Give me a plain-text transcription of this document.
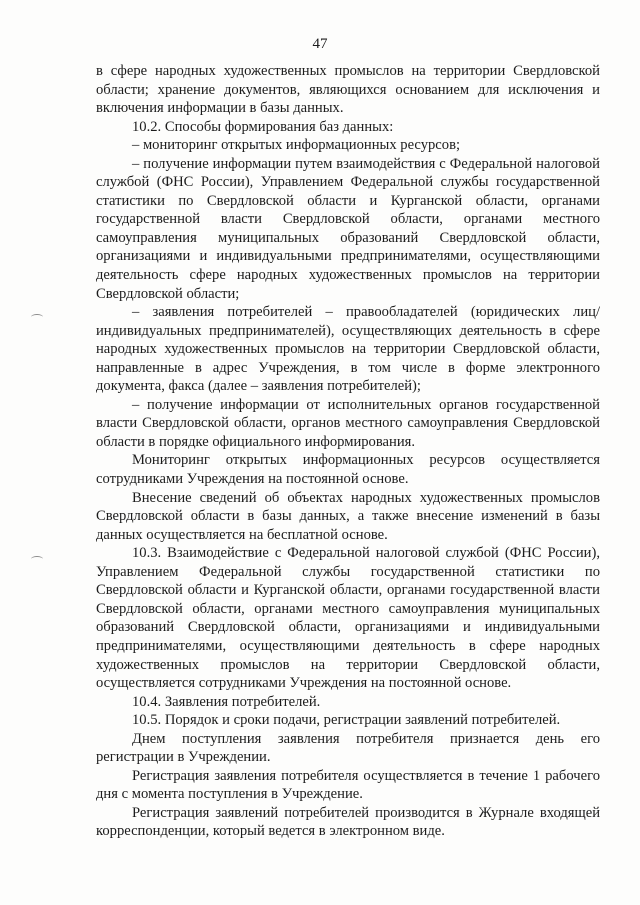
47

в сфере народных художественных промыслов на территории Свердловской области; хранение документов, являющихся основанием для исключения и включения информации в базы данных.

10.2. Способы формирования баз данных:

– мониторинг открытых информационных ресурсов;

– получение информации путем взаимодействия с Федеральной налоговой службой (ФНС России), Управлением Федеральной службы государственной статистики по Свердловской области и Курганской области, органами государственной власти Свердловской области, органами местного самоуправления муниципальных образований Свердловской области, организациями и индивидуальными предпринимателями, осуществляющими деятельность сфере народных художественных промыслов на территории Свердловской области;

– заявления потребителей – правообладателей (юридических лиц/индивидуальных предпринимателей), осуществляющих деятельность в сфере народных художественных промыслов на территории Свердловской области, направленные в адрес Учреждения, в том числе в форме электронного документа, факса (далее – заявления потребителей);

– получение информации от исполнительных органов государственной власти Свердловской области, органов местного самоуправления Свердловской области в порядке официального информирования.

Мониторинг открытых информационных ресурсов осуществляется сотрудниками Учреждения на постоянной основе.

Внесение сведений об объектах народных художественных промыслов Свердловской области в базы данных, а также внесение изменений в базы данных осуществляется на бесплатной основе.

10.3. Взаимодействие с Федеральной налоговой службой (ФНС России), Управлением Федеральной службы государственной статистики по Свердловской области и Курганской области, органами государственной власти Свердловской области, органами местного самоуправления муниципальных образований Свердловской области, организациями и индивидуальными предпринимателями, осуществляющими деятельность в сфере народных художественных промыслов на территории Свердловской области, осуществляется сотрудниками Учреждения на постоянной основе.

10.4. Заявления потребителей.

10.5. Порядок и сроки подачи, регистрации заявлений потребителей.

Днем поступления заявления потребителя признается день его регистрации в Учреждении.

Регистрация заявления потребителя осуществляется в течение 1 рабочего дня с момента поступления в Учреждение.

Регистрация заявлений потребителей производится в Журнале входящей корреспонденции, который ведется в электронном виде.
